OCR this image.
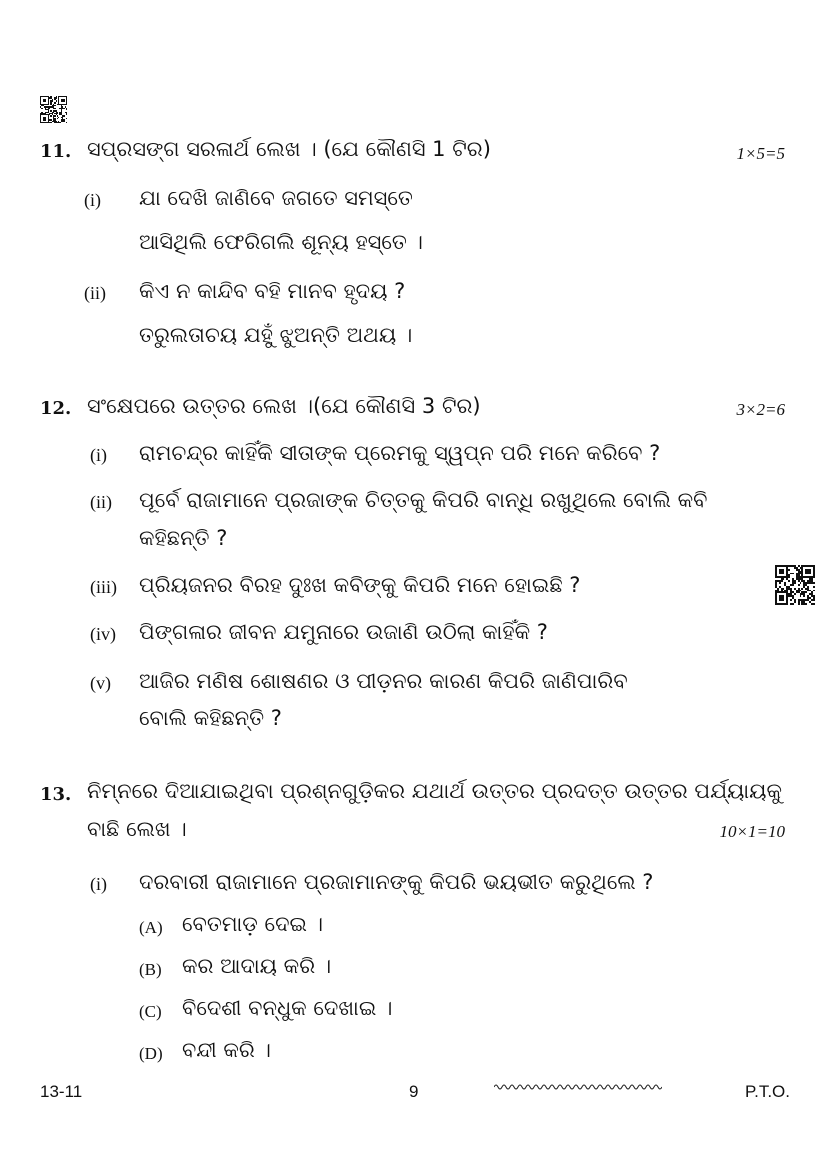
11. ସପ୍ରସଙ୍ଗ ସରଳାର୍ଥ ଲେଖ । (ଯେ କୌଣସି 1 ଟିର)	1×5=5
(i) ଯା ଦେଖି ଜାଣିବେ ଜଗତେ ସମସ୍ତେ
ଆସିଥିଲି ଫେରିଗଲି ଶୂନ୍ୟ ହସ୍ତେ ।
(ii) କିଏ ନ କାନ୍ଦିବ ବହି ମାନବ ହୃଦୟ ?
ତରୁଲତାଚୟ ଯହୁଁ ଝୁଅନ୍ତି ଅଥୟ ।
12. ସଂକ୍ଷେପରେ ଉତ୍ତର ଲେଖ ।(ଯେ କୌଣସି 3 ଟିର)	3×2=6
(i) ରାମଚନ୍ଦ୍ର କାହିଁକି ସୀତାଙ୍କ ପ୍ରେମକୁ ସ୍ୱପ୍ନ ପରି ମନେ କରିବେ ?
(ii) ପୂର୍ବେ ରାଜାମାନେ ପ୍ରଜାଙ୍କ ଚିତ୍ତକୁ କିପରି ବାନ୍ଧି ରଖୁଥିଲେ ବୋଲି କବି
କହିଛନ୍ତି ?
(iii) ପ୍ରିୟଜନର ବିରହ ଦୁଃଖ କବିଙ୍କୁ କିପରି ମନେ ହୋଇଛି ?
(iv) ପିଙ୍ଗଳାର ଜୀବନ ଯମୁନାରେ ଉଜାଣି ଉଠିଲା କାହିଁକି ?
(v) ଆଜିର ମଣିଷ ଶୋଷଣର ଓ ପୀଡ଼ନର କାରଣ କିପରି ଜାଣିପାରିବ
ବୋଲି କହିଛନ୍ତି ?
13. ନିମ୍ନରେ ଦିଆଯାଇଥିବା ପ୍ରଶ୍ନଗୁଡ଼ିକର ଯଥାର୍ଥ ଉତ୍ତର ପ୍ରଦତ୍ତ ଉତ୍ତର ପର୍ଯ୍ୟାୟକୁ
ବାଛି ଲେଖ ।	10×1=10
(i) ଦରବାରୀ ରାଜାମାନେ ପ୍ରଜାମାନଙ୍କୁ କିପରି ଭୟଭୀତ କରୁଥିଲେ ?
(A) ବେତମାଡ଼ ଦେଇ ।
(B) କର ଆଦାୟ କରି ।
(C) ବିଦେଶୀ ବନ୍ଧୁକ ଦେଖାଇ ।
(D) ବନ୍ଦୀ କରି ।
13-11	9	P.T.O.
